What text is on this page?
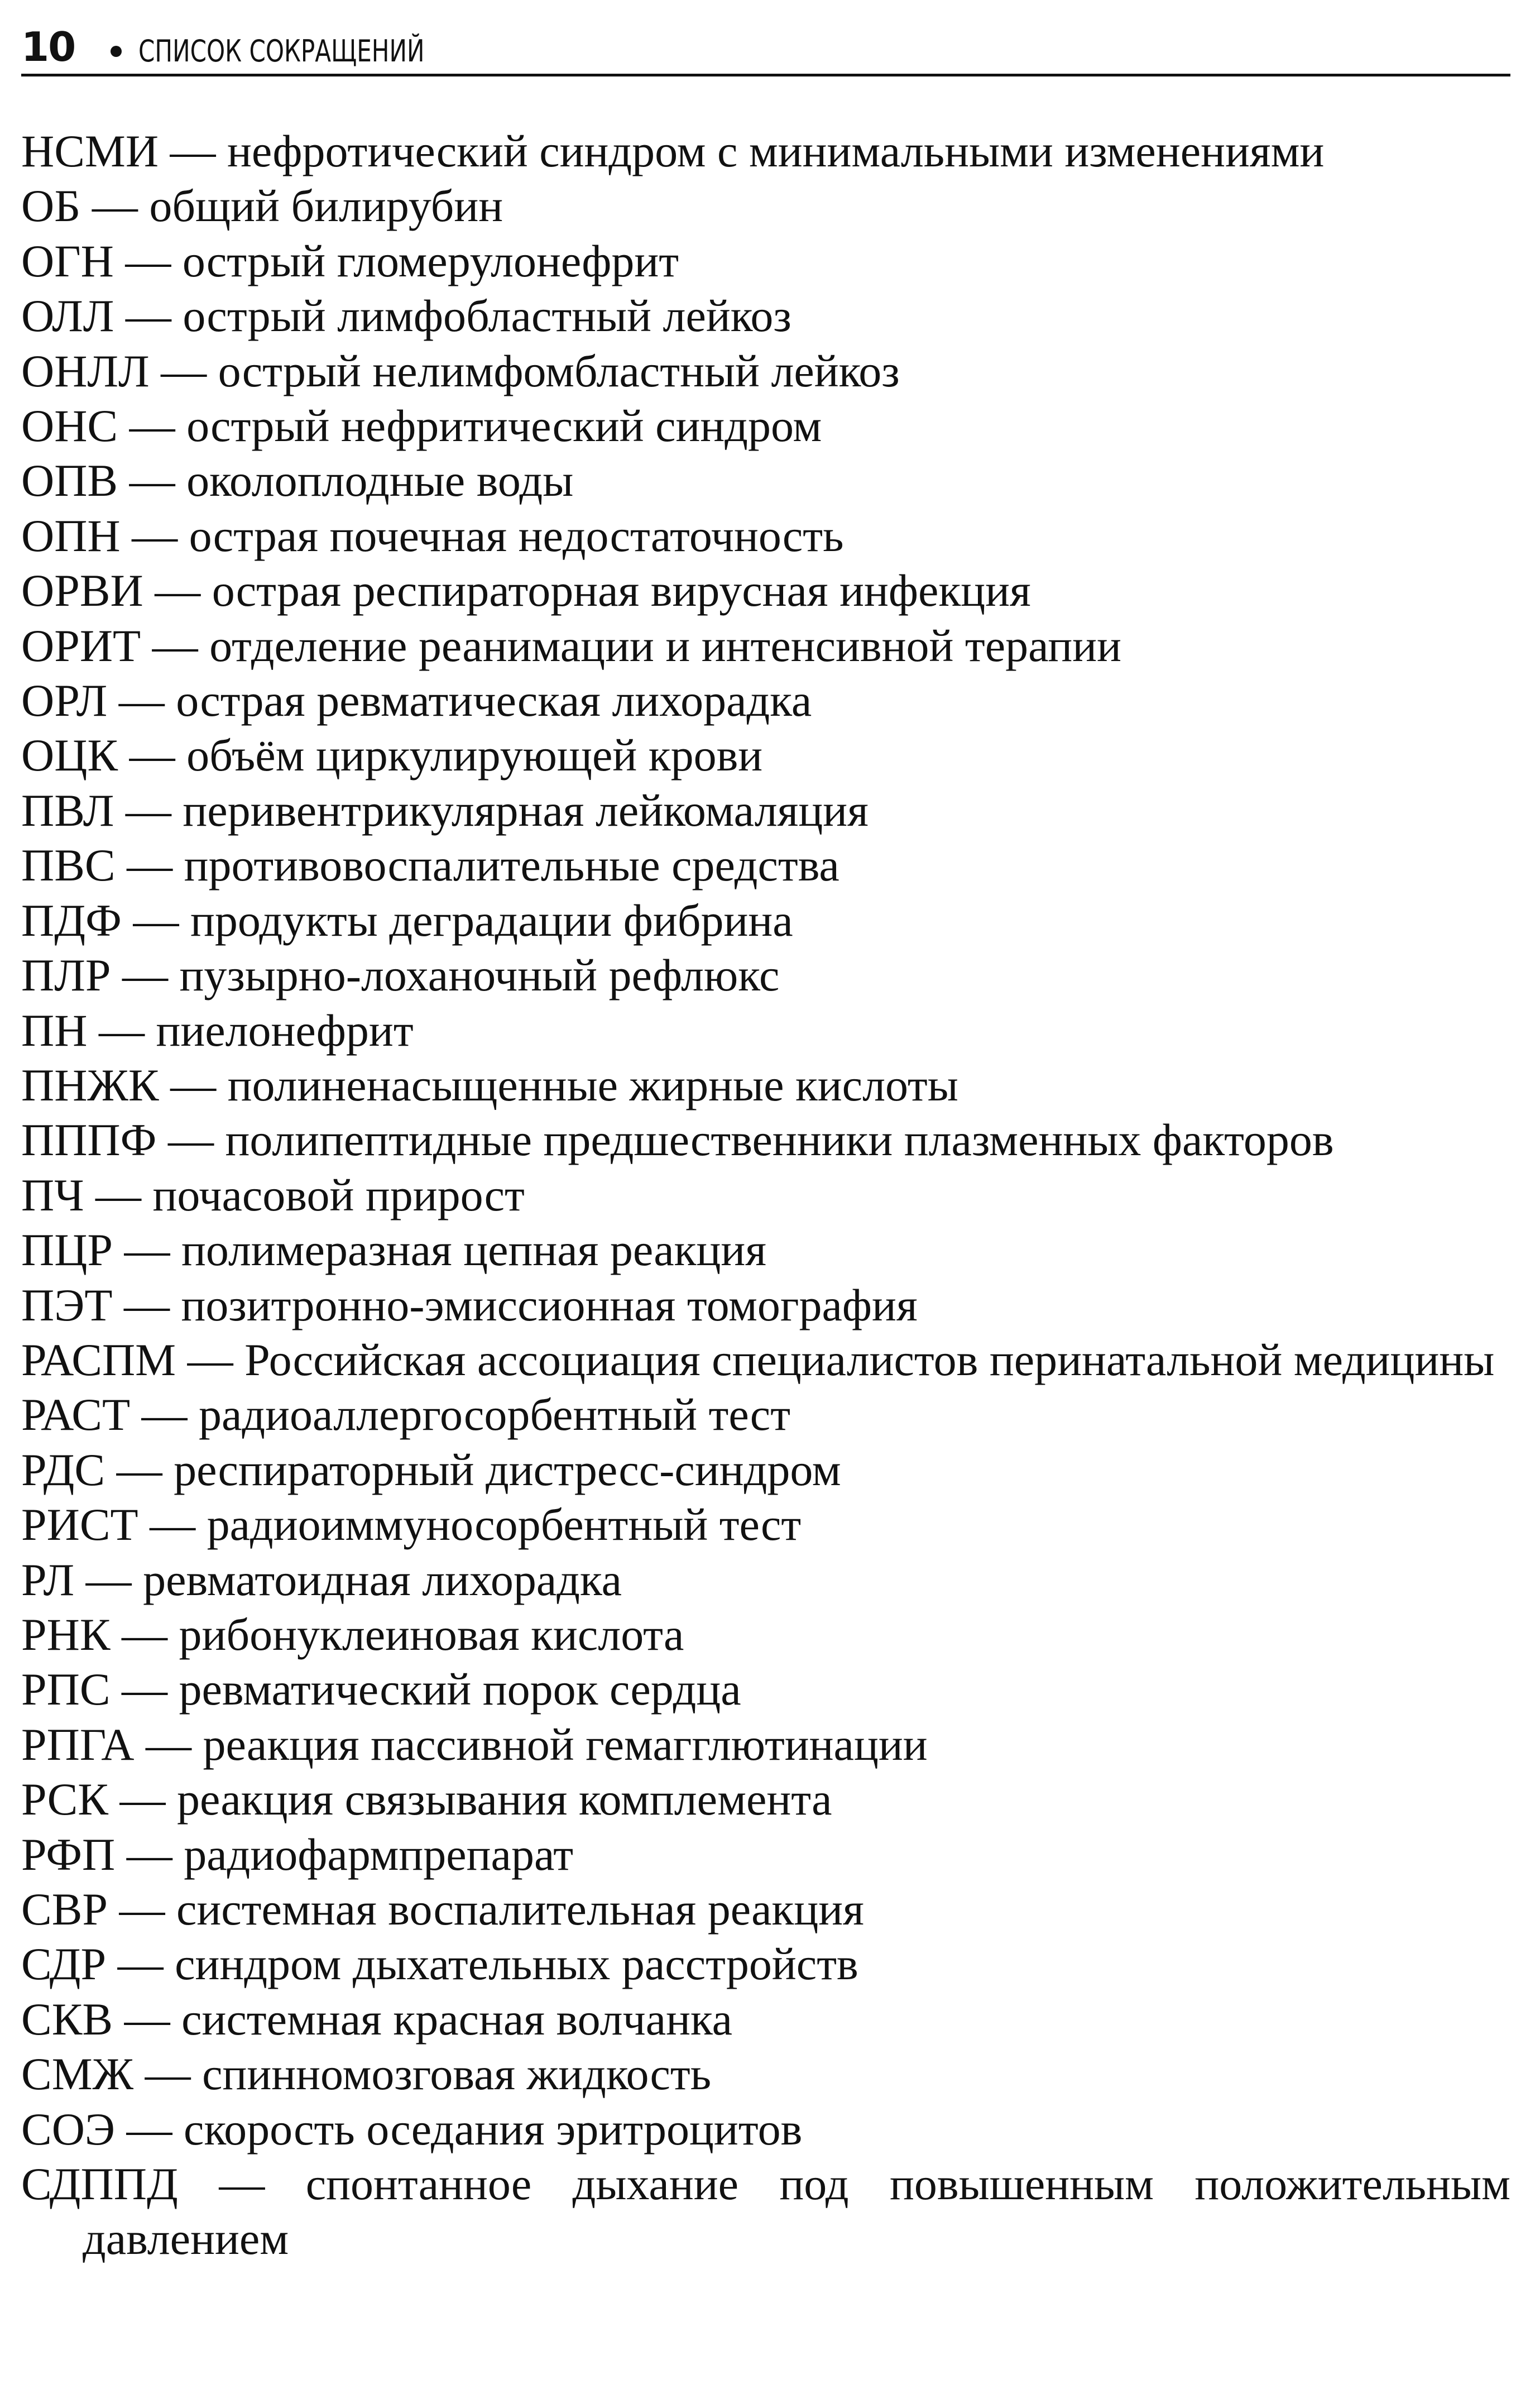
10 СПИСОК СОКРАЩЕНИЙ
НСМИ — нефротический синдром с минимальными изменениями
ОБ — общий билирубин
ОГН — острый гломерулонефрит
ОЛЛ — острый лимфобластный лейкоз
ОНЛЛ — острый нелимфомбластный лейкоз
ОНС — острый нефритический синдром
ОПВ — околоплодные воды
ОПН — острая почечная недостаточность
ОРВИ — острая респираторная вирусная инфекция
ОРИТ — отделение реанимации и интенсивной терапии
ОРЛ — острая ревматическая лихорадка
ОЦК — объём циркулирующей крови
ПВЛ — перивентрикулярная лейкомаляция
ПВС — противовоспалительные средства
ПДФ — продукты деградации фибрина
ПЛР — пузырно-лоханочный рефлюкс
ПН — пиелонефрит
ПНЖК — полиненасыщенные жирные кислоты
ПППФ — полипептидные предшественники плазменных факторов
ПЧ — почасовой прирост
ПЦР — полимеразная цепная реакция
ПЭТ — позитронно-эмиссионная томография
РАСПМ — Российская ассоциация специалистов перинатальной медицины
РАСТ — радиоаллергосорбентный тест
РДС — респираторный дистресс-синдром
РИСТ — радиоиммуносорбентный тест
РЛ — ревматоидная лихорадка
РНК — рибонуклеиновая кислота
РПС — ревматический порок сердца
РПГА — реакция пассивной гемагглютинации
РСК — реакция связывания комплемента
РФП — радиофармпрепарат
СВР — системная воспалительная реакция
СДР — синдром дыхательных расстройств
СКВ — системная красная волчанка
СМЖ — спинномозговая жидкость
СОЭ — скорость оседания эритроцитов
СДППД — спонтанное дыхание под повышенным положительным давлением
